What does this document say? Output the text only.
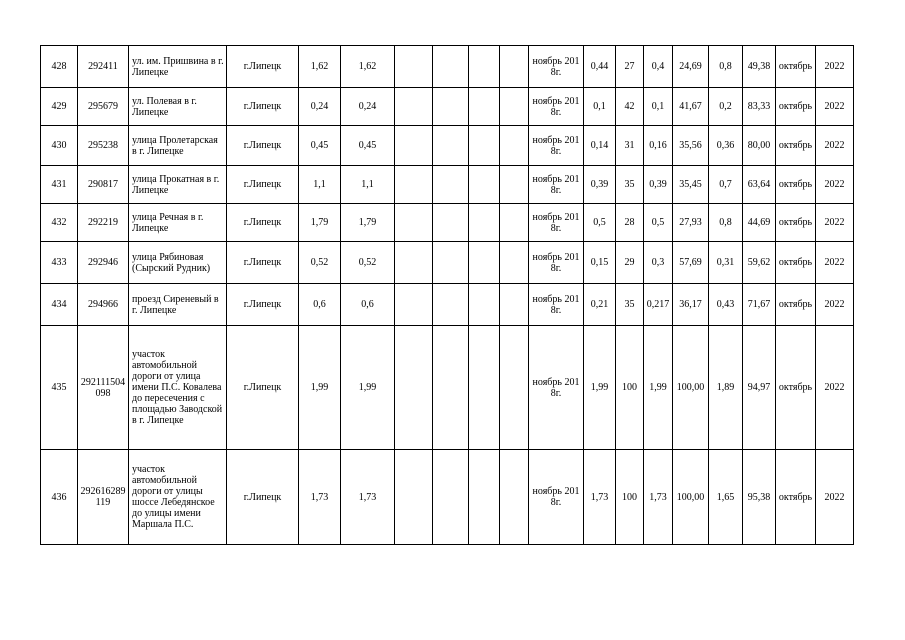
428	292411	ул. им. Пришвина в г. Липецке	г.Липецк	1,62	1,62					ноябрь 2018г.	0,44	27	0,4	24,69	0,8	49,38	октябрь	2022
429	295679	ул. Полевая в г. Липецке	г.Липецк	0,24	0,24					ноябрь 2018г.	0,1	42	0,1	41,67	0,2	83,33	октябрь	2022
430	295238	улица Пролетарская в г. Липецке	г.Липецк	0,45	0,45					ноябрь 2018г.	0,14	31	0,16	35,56	0,36	80,00	октябрь	2022
431	290817	улица Прокатная в г. Липецке	г.Липецк	1,1	1,1					ноябрь 2018г.	0,39	35	0,39	35,45	0,7	63,64	октябрь	2022
432	292219	улица Речная в г. Липецке	г.Липецк	1,79	1,79					ноябрь 2018г.	0,5	28	0,5	27,93	0,8	44,69	октябрь	2022
433	292946	улица Рябиновая (Сырский Рудник)	г.Липецк	0,52	0,52					ноябрь 2018г.	0,15	29	0,3	57,69	0,31	59,62	октябрь	2022
434	294966	проезд Сиреневый в г. Липецке	г.Липецк	0,6	0,6					ноябрь 2018г.	0,21	35	0,217	36,17	0,43	71,67	октябрь	2022
435	292111504098	участок автомобильной дороги от улица имени П.С. Ковалева до пересечения с площадью Заводской в г. Липецке	г.Липецк	1,99	1,99					ноябрь 2018г.	1,99	100	1,99	100,00	1,89	94,97	октябрь	2022
436	292616289119	участок автомобильной дороги от улицы шоссе Лебедянское до улицы имени Маршала П.С.	г.Липецк	1,73	1,73					ноябрь 2018г.	1,73	100	1,73	100,00	1,65	95,38	октябрь	2022
